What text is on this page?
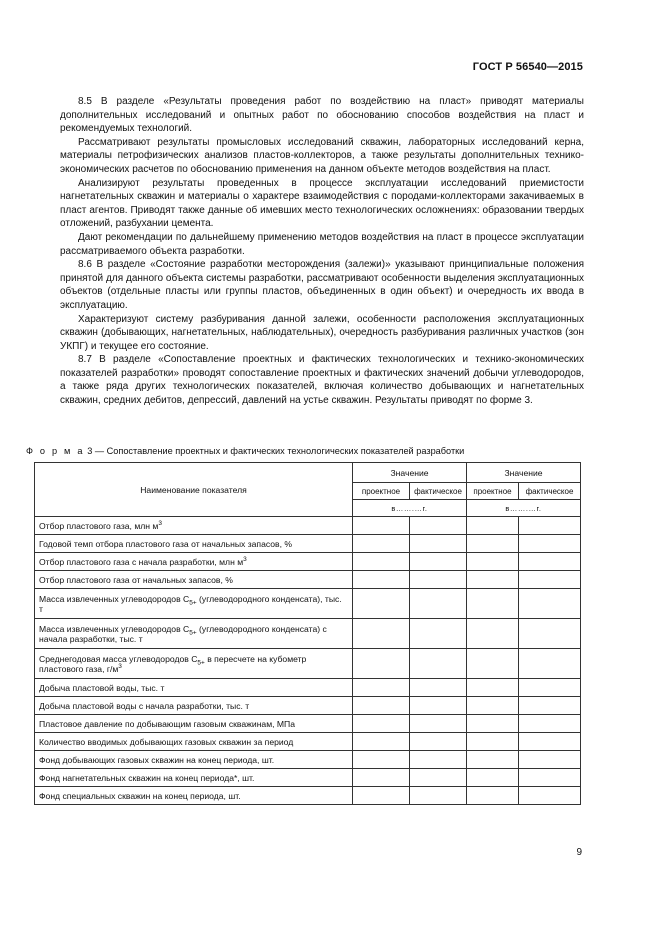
ГОСТ Р 56540—2015

8.5 В разделе «Результаты проведения работ по воздействию на пласт» приводят материалы дополнительных исследований и опытных работ по обоснованию способов воздействия на пласт и рекомендуемых технологий.

Рассматривают результаты промысловых исследований скважин, лабораторных исследований керна, материалы петрофизических анализов пластов-коллекторов, а также результаты дополнительных технико-экономических расчетов по обоснованию применения на данном объекте методов воздействия на пласт.

Анализируют результаты проведенных в процессе эксплуатации исследований приемистости нагнетательных скважин и материалы о характере взаимодействия с породами-коллекторами закачиваемых в пласт агентов. Приводят также данные об имевших место технологических осложнениях: образовании твердых отложений, разбухании цемента.

Дают рекомендации по дальнейшему применению методов воздействия на пласт в процессе эксплуатации рассматриваемого объекта разработки.

8.6 В разделе «Состояние разработки месторождения (залежи)» указывают принципиальные положения принятой для данного объекта системы разработки, рассматривают особенности выделения эксплуатационных объектов (отдельные пласты или группы пластов, объединенных в один объект) и очередность их ввода в эксплуатацию.

Характеризуют систему разбуривания данной залежи, особенности расположения эксплуатационных скважин (добывающих, нагнетательных, наблюдательных), очередность разбуривания различных участков (зон УКПГ) и текущее его состояние.

8.7 В разделе «Сопоставление проектных и фактических технологических и технико-экономических показателей разработки» проводят сопоставление проектных и фактических значений добычи углеводородов, а также ряда других технологических показателей, включая количество добывающих и нагнетательных скважин, средних дебитов, депрессий, давлений на устье скважин. Результаты приводят по форме 3.

Ф о р м а 3 — Сопоставление проектных и фактических технологических показателей разработки
Наименование показателя	Значение		Значение	
	проектное	фактическое	проектное	фактическое
	в…….…г.		в…….…г.	
Отбор пластового газа, млн $м^3$				
Годовой темп отбора пластового газа от начальных запасов, %				
Отбор пластового газа с начала разработки, млн $м^3$				
Отбор пластового газа от начальных запасов, %				
Масса извлеченных углеводородов $C_{5+}$ (углеводородного конденсата), тыс. т				
Масса извлеченных углеводородов $C_{5+}$ (углеводородного конденсата) с начала разработки, тыс. т				
Среднегодовая масса углеводородов $C_{5+}$ в пересчете на кубометр пластового газа, $г/м^3$				
Добыча пластовой воды, тыс. т				
Добыча пластовой воды с начала разработки, тыс. т				
Пластовое давление по добывающим газовым скважинам, МПа				
Количество вводимых добывающих газовых скважин за период				
Фонд добывающих газовых скважин на конец периода, шт.				
Фонд нагнетательных скважин на конец периода*, шт.				
Фонд специальных скважин на конец периода, шт.				
9
